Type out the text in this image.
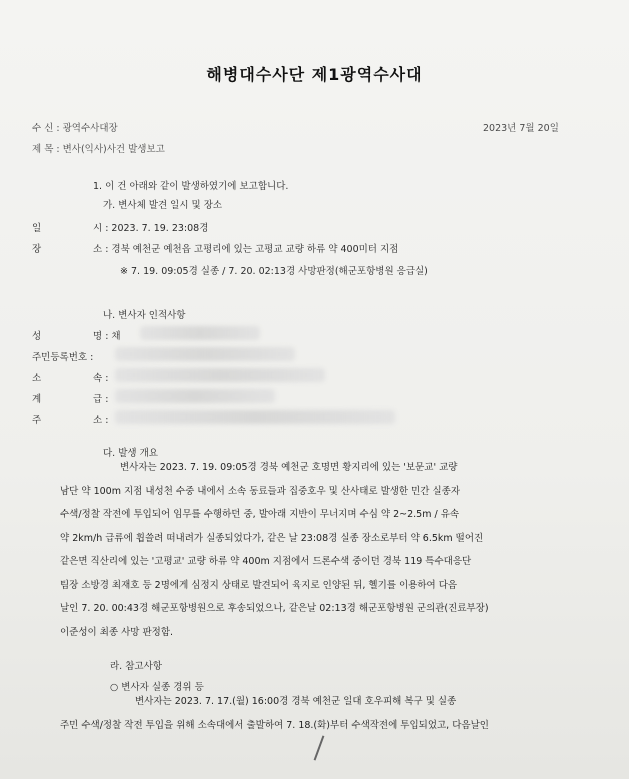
해병대수사단 제1광역수사대
수 신 : 광역수사대장	2023년 7월 20일
제 목 : 변사(익사)사건 발생보고
1. 이 건 아래와 같이 발생하였기에 보고합니다.
가. 변사체 발견 일시 및 장소
일	시 : 2023. 7. 19. 23:08경
장	소 : 경북 예천군 예천읍 고평리에 있는 고평교 교량 하류 약 400미터 지점
※ 7. 19. 09:05경 실종 / 7. 20. 02:13경 사망판정(해군포항병원 응급실)
나. 변사자 인적사항
성	명 : 채
주민등록번호 :
소	속 :
계	급 :
주	소 :
다. 발생 개요
변사자는 2023. 7. 19. 09:05경 경북 예천군 호명면 황지리에 있는 '보문교' 교량
남단 약 100m 지점 내성천 수중 내에서 소속 동료들과 집중호우 및 산사태로 발생한 민간 실종자
수색/정찰 작전에 투입되어 임무를 수행하던 중, 발아래 지반이 무너지며 수심 약 2~2.5m / 유속
약 2km/h 급류에 휩쓸려 떠내려가 실종되었다가, 같은 날 23:08경 실종 장소로부터 약 6.5km 떨어진
같은면 직산리에 있는 '고평교' 교량 하류 약 400m 지점에서 드론수색 중이던 경북 119 특수대응단
팀장 소방경 최재호 등 2명에게 심정지 상태로 발견되어 육지로 인양된 뒤, 헬기를 이용하여 다음
날인 7. 20. 00:43경 해군포항병원으로 후송되었으나, 같은날 02:13경 해군포항병원 군의관(진료부장)
이준성이 최종 사망 판정함.
라. 참고사항
○ 변사자 실종 경위 등
변사자는 2023. 7. 17.(월) 16:00경 경북 예천군 일대 호우피해 복구 및 실종
주민 수색/정찰 작전 투입을 위해 소속대에서 출발하여 7. 18.(화)부터 수색작전에 투입되었고, 다음날인
